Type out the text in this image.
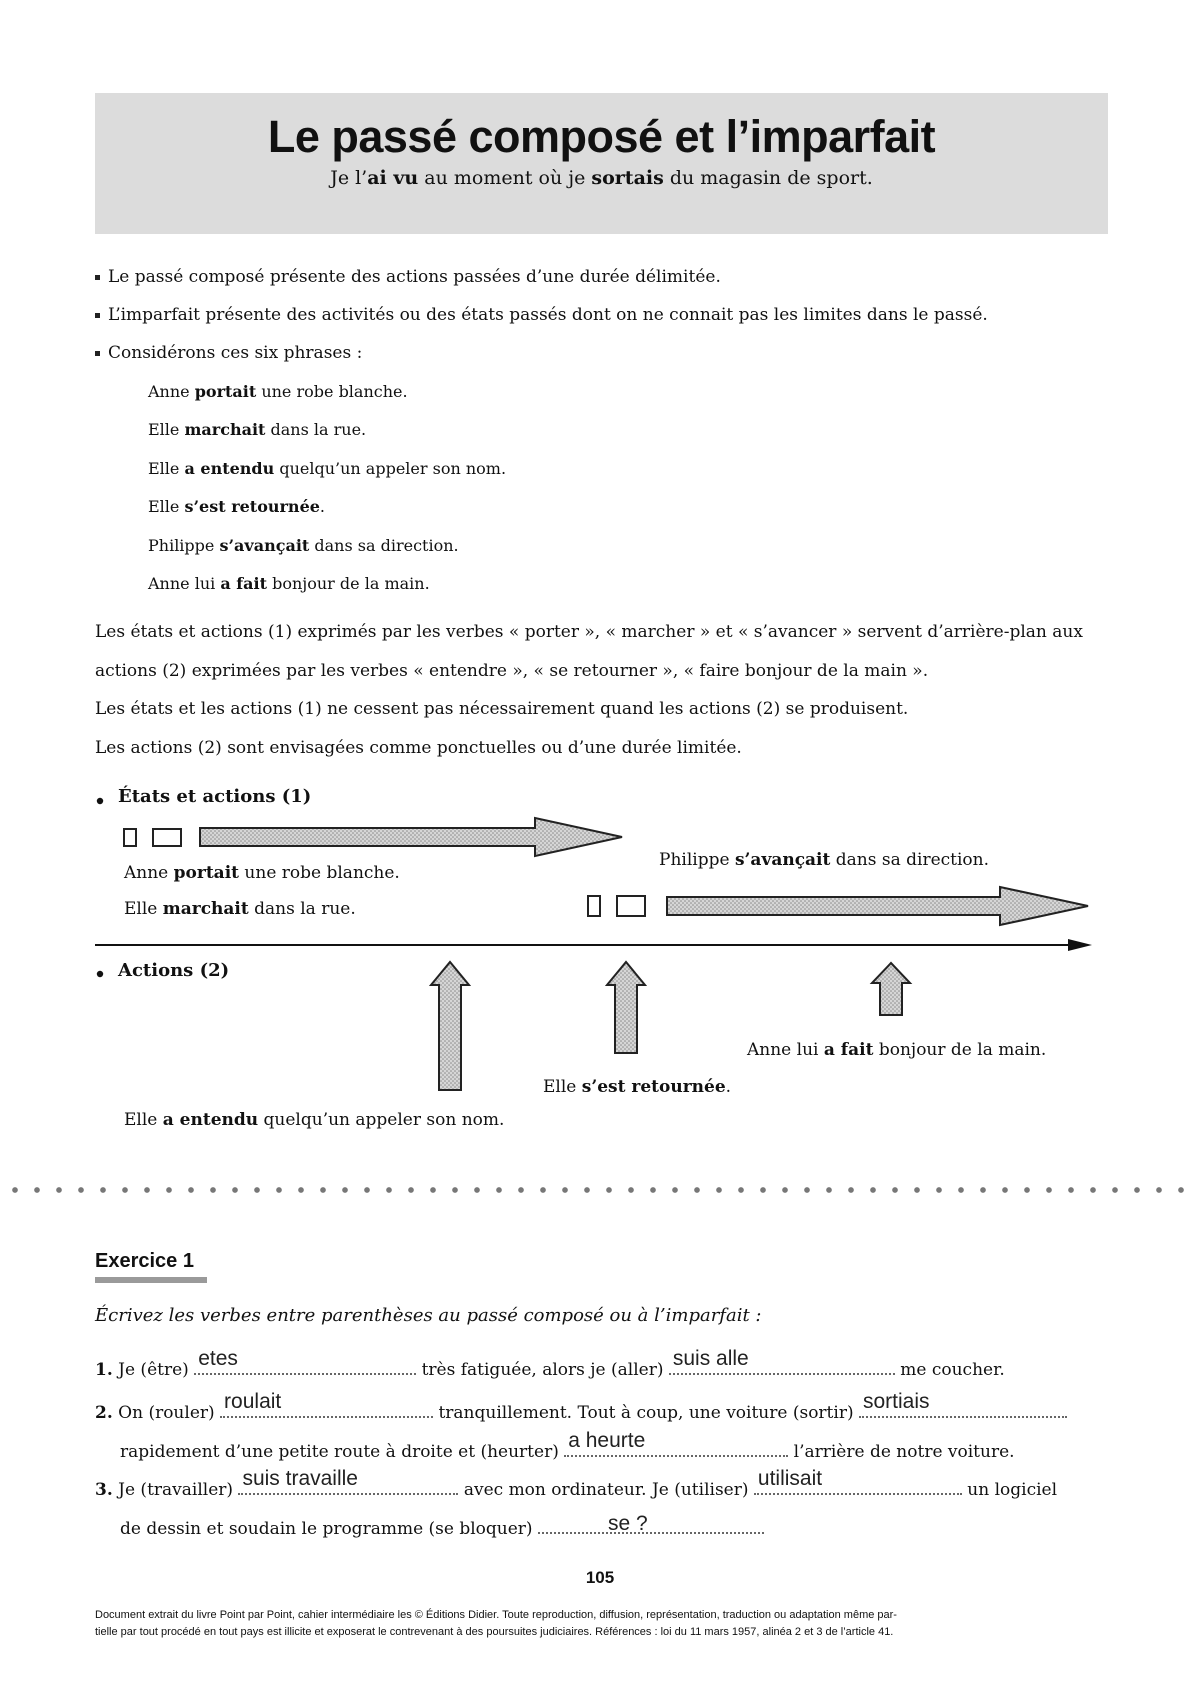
Le passé composé et l’imparfait
Je l’ai vu au moment où je sortais du magasin de sport.
Le passé composé présente des actions passées d’une durée délimitée.
L’imparfait présente des activités ou des états passés dont on ne connait pas les limites dans le passé.
Considérons ces six phrases :
Anne portait une robe blanche.
Elle marchait dans la rue.
Elle a entendu quelqu’un appeler son nom.
Elle s’est retournée.
Philippe s’avançait dans sa direction.
Anne lui a fait bonjour de la main.
Les états et actions (1) exprimés par les verbes « porter », « marcher » et « s’avancer » servent d’arrière-plan aux
actions (2) exprimées par les verbes « entendre », « se retourner », « faire bonjour de la main ».
Les états et les actions (1) ne cessent pas nécessairement quand les actions (2) se produisent.
Les actions (2) sont envisagées comme ponctuelles ou d’une durée limitée.
États et actions (1)
Actions (2)
Anne portait une robe blanche.
Elle marchait dans la rue.
Philippe s’avançait dans sa direction.
Anne lui a fait bonjour de la main.
Elle s’est retournée.
Elle a entendu quelqu’un appeler son nom.
Exercice 1
Écrivez les verbes entre parenthèses au passé composé ou à l’imparfait :
1. Je (être) etes	très fatiguée, alors je (aller) suis alle	me coucher.
2. On (rouler) roulait	tranquillement. Tout à coup, une voiture (sortir) sortiais
rapidement d’une petite route à droite et (heurter) a heurte	l’arrière de notre voiture.
3. Je (travailler) suis travaille	avec mon ordinateur. Je (utiliser) utilisait	un logiciel
de dessin et soudain le programme (se bloquer)	se ?
105
Document extrait du livre Point par Point, cahier intermédiaire les © Éditions Didier. Toute reproduction, diffusion, représentation, traduction ou adaptation même par-
tielle par tout procédé en tout pays est illicite et exposerat le contrevenant à des poursuites judiciaires. Références : loi du 11 mars 1957, alinéa 2 et 3 de l’article 41.
